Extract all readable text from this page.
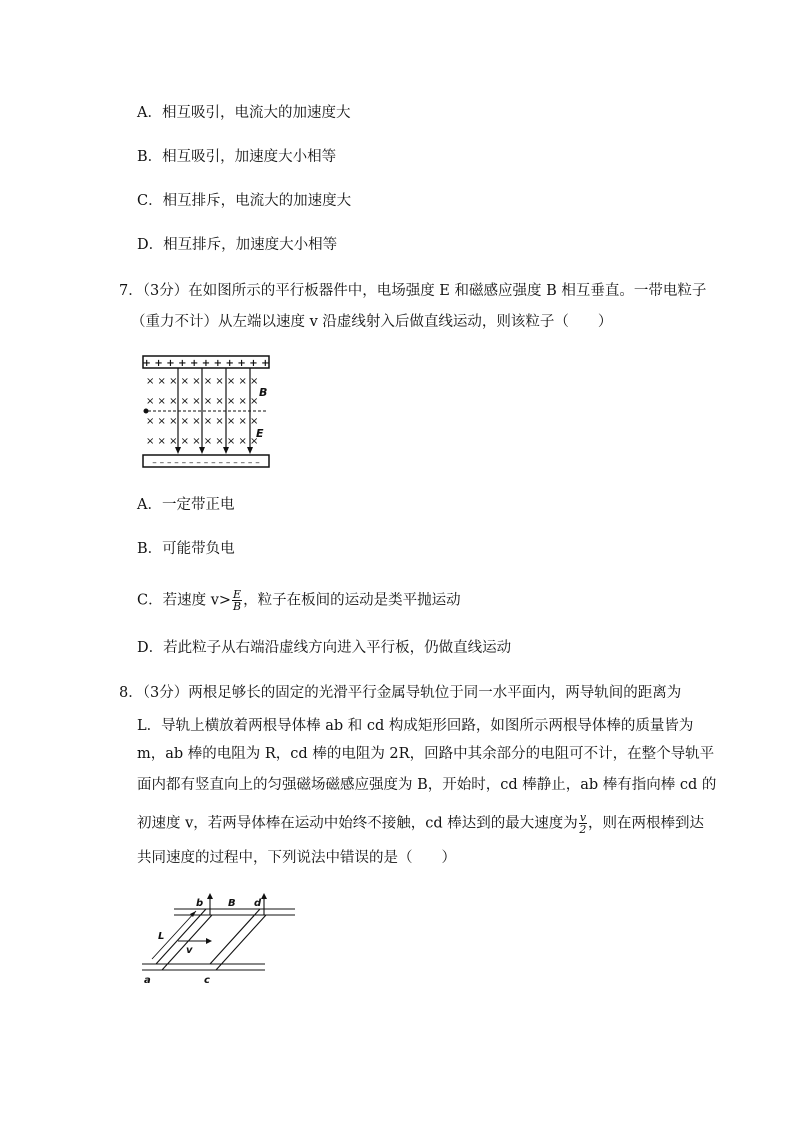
A．相互吸引，电流大的加速度大
B．相互吸引，加速度大小相等
C．相互排斥，电流大的加速度大
D．相互排斥，加速度大小相等
7．（3分）在如图所示的平行板器件中，电场强度 E 和磁感应强度 B 相互垂直。一带电粒子
（重力不计）从左端以速度 v 沿虚线射入后做直线运动，则该粒子（　　）
+ + + + + + + + + + +
– – – – – – – – – – – – – – –
× × × × × × × × × ×
× × × × × × × × × ×
× × × × × × × × × ×
× × × × × × × × × ×
B
E
A．一定带正电
B．可能带负电
C．若速度 $v> \frac{E}{B}$ ，粒子在板间的运动是类平抛运动
D．若此粒子从右端沿虚线方向进入平行板，仍做直线运动
8．（3分）两根足够长的固定的光滑平行金属导轨位于同一水平面内，两导轨间的距离为
L．导轨上横放着两根导体棒 ab 和 cd 构成矩形回路，如图所示两根导体棒的质量皆为
m，ab 棒的电阻为 R，cd 棒的电阻为 2R，回路中其余部分的电阻可不计，在整个导轨平
面内都有竖直向上的匀强磁场磁感应强度为 B，开始时，cd 棒静止，ab 棒有指向棒 cd 的
初速度 v，若两导体棒在运动中始终不接触，cd 棒达到的最大速度为 $\frac{v}{2}$ ，则在两根棒到达
共同速度的过程中，下列说法中错误的是（　　）
a
b
c
d
B
L
v
